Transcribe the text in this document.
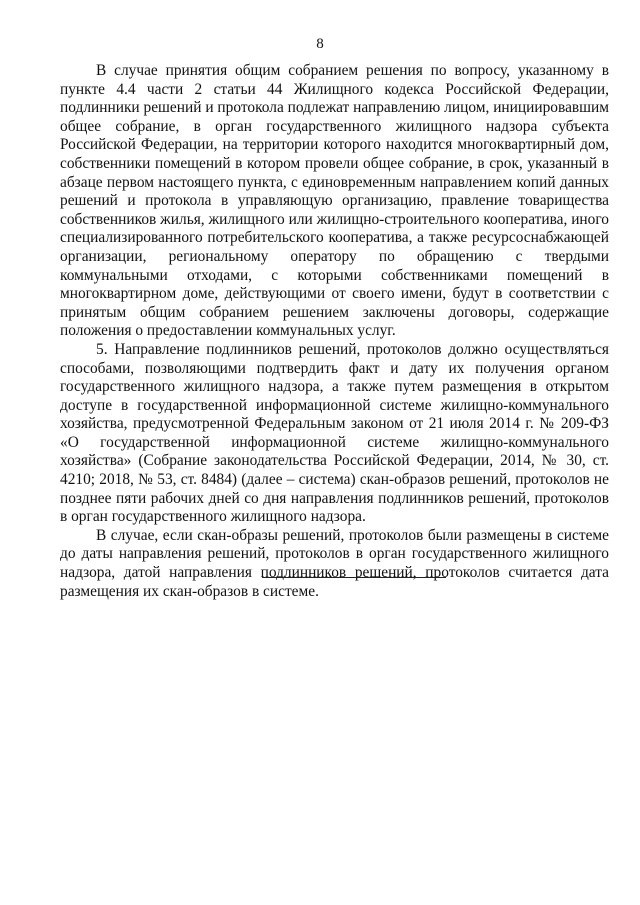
8

В случае принятия общим собранием решения по вопросу, указанному в пункте 4.4 части 2 статьи 44 Жилищного кодекса Российской Федерации, подлинники решений и протокола подлежат направлению лицом, инициировавшим общее собрание, в орган государственного жилищного надзора субъекта Российской Федерации, на территории которого находится многоквартирный дом, собственники помещений в котором провели общее собрание, в срок, указанный в абзаце первом настоящего пункта, с единовременным направлением копий данных решений и протокола в управляющую организацию, правление товарищества собственников жилья, жилищного или жилищно-строительного кооператива, иного специализированного потребительского кооператива, а также ресурсоснабжающей организации, региональному оператору по обращению с твердыми коммунальными отходами, с которыми собственниками помещений в многоквартирном доме, действующими от своего имени, будут в соответствии с принятым общим собранием решением заключены договоры, содержащие положения о предоставлении коммунальных услуг.

5. Направление подлинников решений, протоколов должно осуществляться способами, позволяющими подтвердить факт и дату их получения органом государственного жилищного надзора, а также путем размещения в открытом доступе в государственной информационной системе жилищно-коммунального хозяйства, предусмотренной Федеральным законом от 21 июля 2014 г. № 209-ФЗ «О государственной информационной системе жилищно-коммунального хозяйства» (Собрание законодательства Российской Федерации, 2014, № 30, ст. 4210; 2018, № 53, ст. 8484) (далее – система) скан-образов решений, протоколов не позднее пяти рабочих дней со дня направления подлинников решений, протоколов в орган государственного жилищного надзора.

В случае, если скан-образы решений, протоколов были размещены в системе до даты направления решений, протоколов в орган государственного жилищного надзора, датой направления подлинников решений, протоколов считается дата размещения их скан-образов в системе.
